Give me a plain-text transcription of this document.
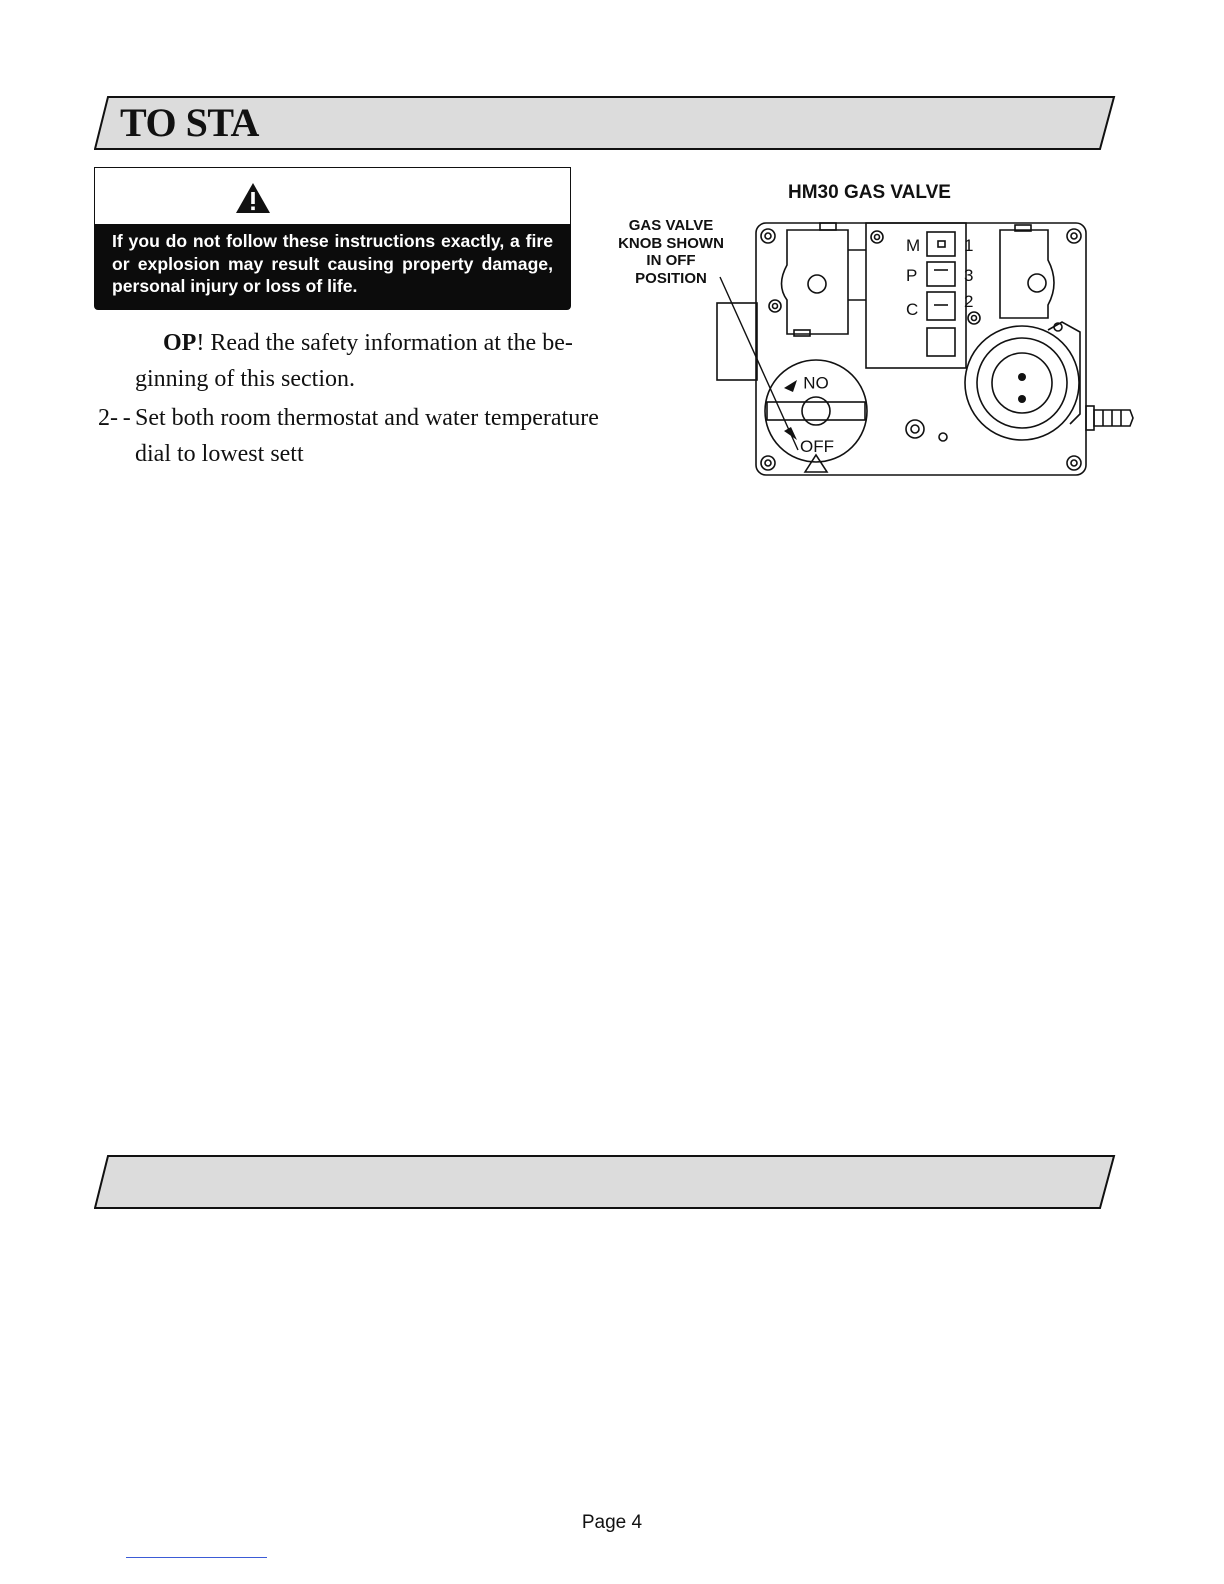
TO STA
If you do not follow these instructions exactly, a fire or explosion may result causing property damage, personal injury or loss of life.
OP! Read the safety information at the be-
ginning of this section.
2- - Set both room thermostat and water temperature
dial to lowest sett
HM30 GAS VALVE
GAS VALVE
KNOB SHOWN
IN OFF
POSITION
M
P
C
1
3
2
ON
OFF
Page 4
